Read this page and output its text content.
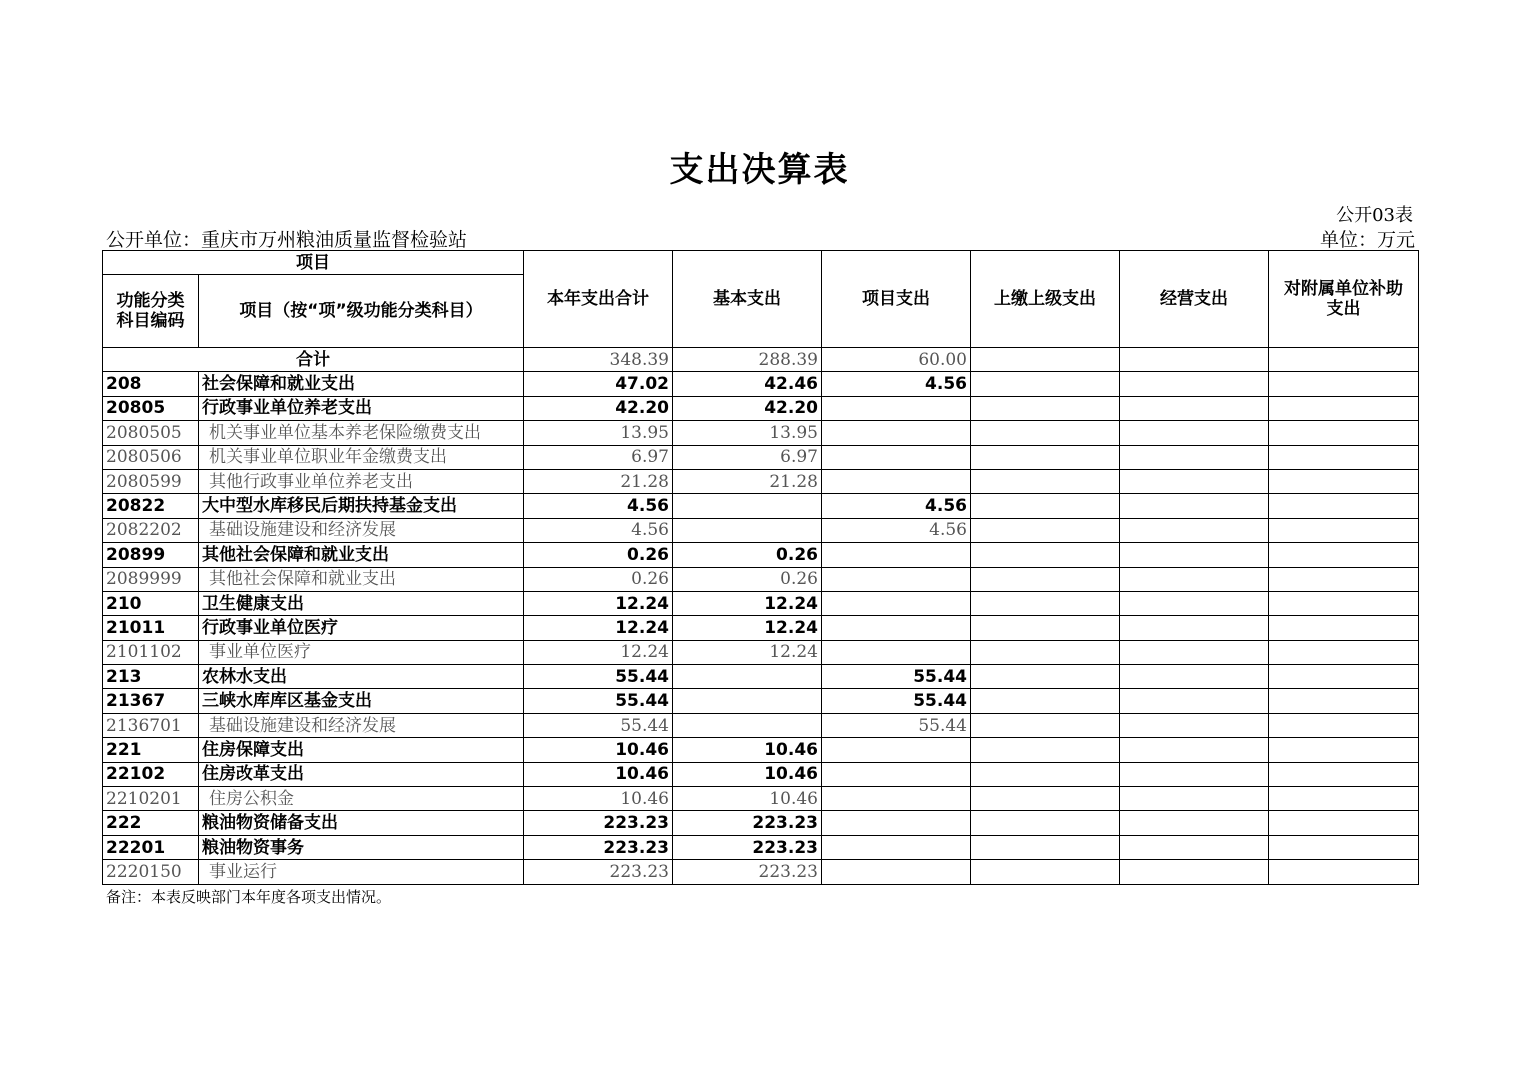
支出决算表
公开03表
公开单位：重庆市万州粮油质量监督检验站	单位：万元
项目		本年支出合计	基本支出	项目支出	上缴上级支出	经营支出	对附属单位补助支出
功能分类科目编码	项目（按“项”级功能分类科目）						
合计		348.39	288.39	60.00			
208	社会保障和就业支出	47.02	42.46	4.56			
20805	行政事业单位养老支出	42.20	42.20				
2080505	机关事业单位基本养老保险缴费支出	13.95	13.95				
2080506	机关事业单位职业年金缴费支出	6.97	6.97				
2080599	其他行政事业单位养老支出	21.28	21.28				
20822	大中型水库移民后期扶持基金支出	4.56		4.56			
2082202	基础设施建设和经济发展	4.56		4.56			
20899	其他社会保障和就业支出	0.26	0.26				
2089999	其他社会保障和就业支出	0.26	0.26				
210	卫生健康支出	12.24	12.24				
21011	行政事业单位医疗	12.24	12.24				
2101102	事业单位医疗	12.24	12.24				
213	农林水支出	55.44		55.44			
21367	三峡水库库区基金支出	55.44		55.44			
2136701	基础设施建设和经济发展	55.44		55.44			
221	住房保障支出	10.46	10.46				
22102	住房改革支出	10.46	10.46				
2210201	住房公积金	10.46	10.46				
222	粮油物资储备支出	223.23	223.23				
22201	粮油物资事务	223.23	223.23				
2220150	事业运行	223.23	223.23				
备注：本表反映部门本年度各项支出情况。
